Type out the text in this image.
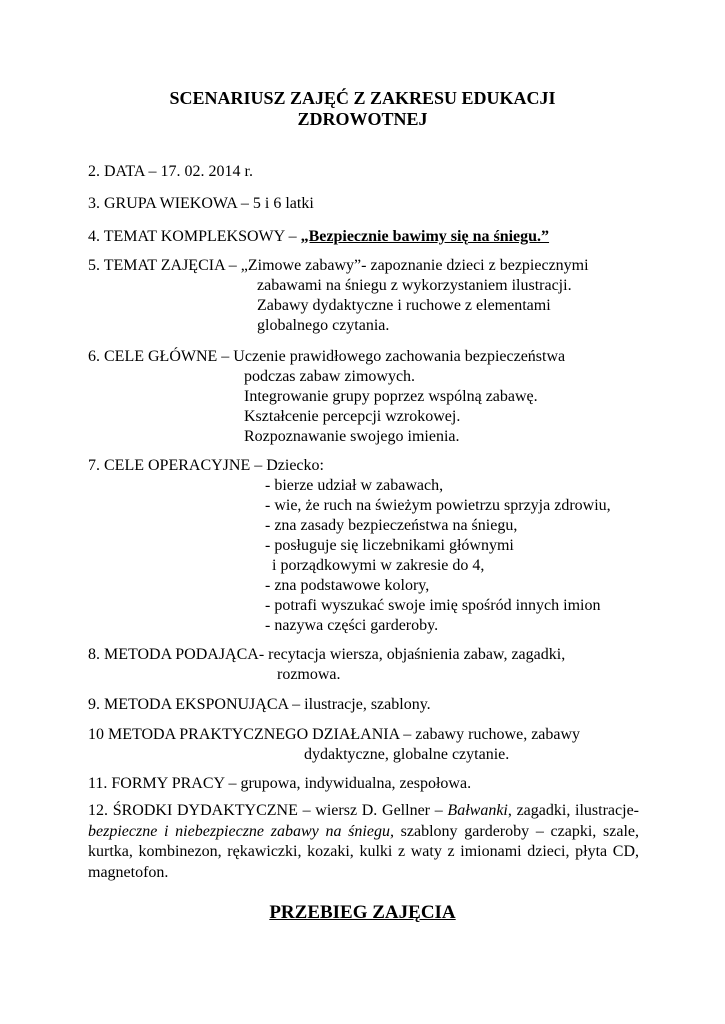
SCENARIUSZ ZAJĘĆ Z ZAKRESU EDUKACJI
ZDROWOTNEJ
2. DATA – 17. 02. 2014 r.
3. GRUPA WIEKOWA – 5 i 6 latki
4. TEMAT KOMPLEKSOWY – „Bezpiecznie bawimy się na śniegu.”
5. TEMAT ZAJĘCIA – „Zimowe zabawy”- zapoznanie dzieci z bezpiecznymi
zabawami na śniegu z wykorzystaniem ilustracji.
Zabawy dydaktyczne i ruchowe z elementami
globalnego czytania.
6. CELE GŁÓWNE – Uczenie prawidłowego zachowania bezpieczeństwa
podczas zabaw zimowych.
Integrowanie grupy poprzez wspólną zabawę.
Kształcenie percepcji wzrokowej.
Rozpoznawanie swojego imienia.
7. CELE OPERACYJNE – Dziecko:
- bierze udział w zabawach,
- wie, że ruch na świeżym powietrzu sprzyja zdrowiu,
- zna zasady bezpieczeństwa na śniegu,
- posługuje się liczebnikami głównymi
i porządkowymi w zakresie do 4,
- zna podstawowe kolory,
- potrafi wyszukać swoje imię spośród innych imion
- nazywa części garderoby.
8. METODA PODAJĄCA- recytacja wiersza, objaśnienia zabaw, zagadki,
rozmowa.
9. METODA EKSPONUJĄCA – ilustracje, szablony.
10 METODA PRAKTYCZNEGO DZIAŁANIA – zabawy ruchowe, zabawy
dydaktyczne, globalne czytanie.
11. FORMY PRACY – grupowa, indywidualna, zespołowa.
12. ŚRODKI DYDAKTYCZNE – wiersz D. Gellner – Bałwanki, zagadki, ilustracje- bezpieczne i niebezpieczne zabawy na śniegu, szablony garderoby – czapki, szale, kurtka, kombinezon, rękawiczki, kozaki, kulki z waty z imionami dzieci, płyta CD, magnetofon.
PRZEBIEG ZAJĘCIA
